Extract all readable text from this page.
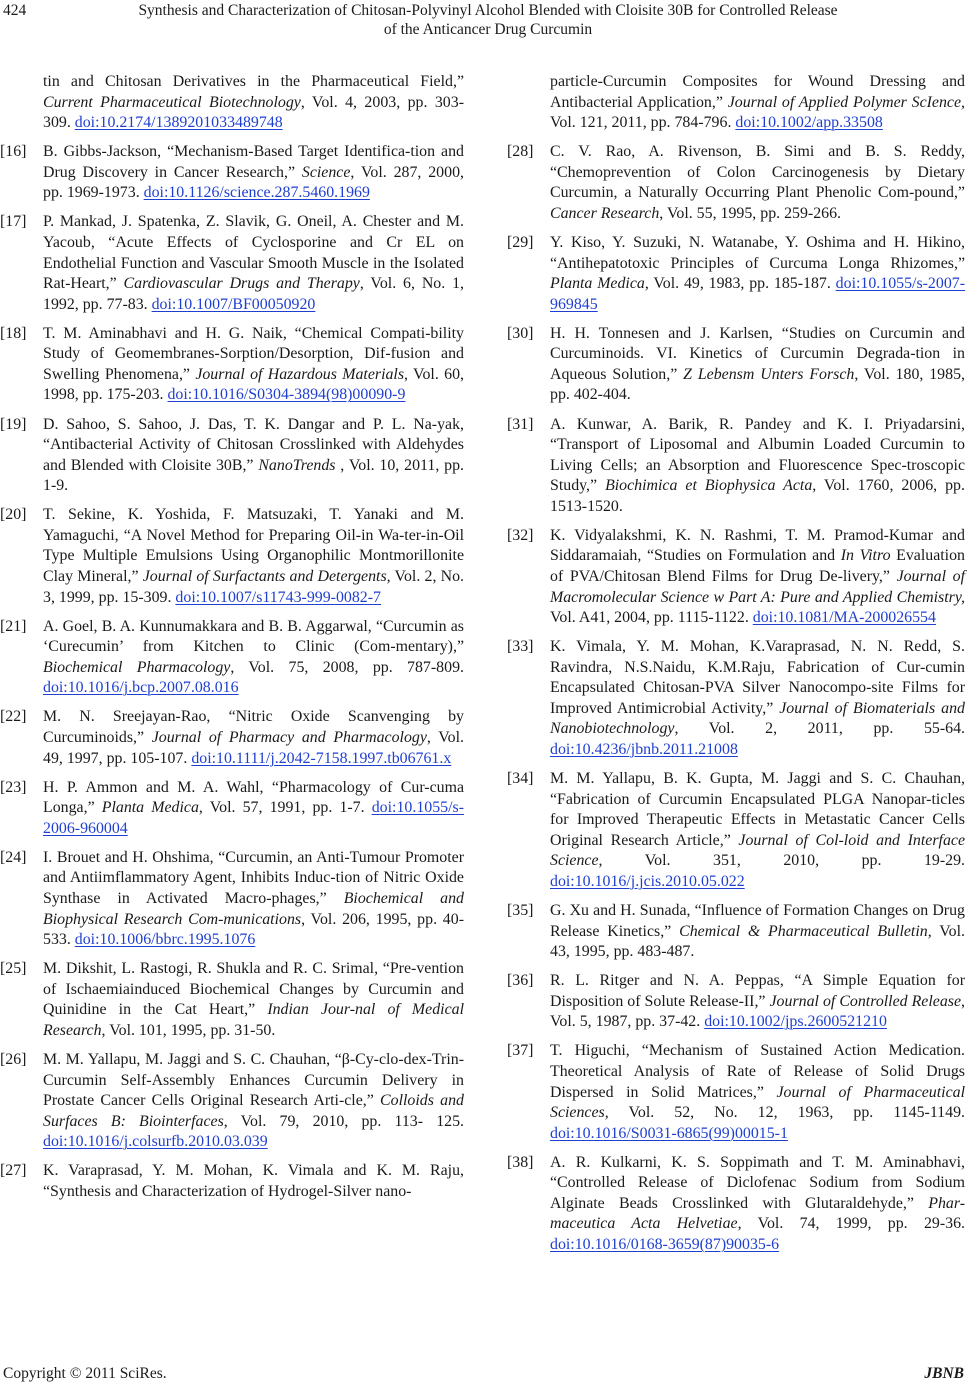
424	Synthesis and Characterization of Chitosan-Polyvinyl Alcohol Blended with Cloisite 30B for Controlled Release
of the Anticancer Drug Curcumin
tin and Chitosan Derivatives in the Pharmaceutical Field,” Current Pharmaceutical Biotechnology, Vol. 4, 2003, pp. 303-309. doi:10.2174/1389201033489748
[16]	B. Gibbs-Jackson, “Mechanism-Based Target Identifica-tion and Drug Discovery in Cancer Research,” Science, Vol. 287, 2000, pp. 1969-1973. doi:10.1126/science.287.5460.1969
[17]	P. Mankad, J. Spatenka, Z. Slavik, G. Oneil, A. Chester and M. Yacoub, “Acute Effects of Cyclosporine and Cr EL on Endothelial Function and Vascular Smooth Muscle in the Isolated Rat-Heart,” Cardiovascular Drugs and Therapy, Vol. 6, No. 1, 1992, pp. 77-83. doi:10.1007/BF00050920
[18]	T. M. Aminabhavi and H. G. Naik, “Chemical Compati-bility Study of Geomembranes-Sorption/Desorption, Dif-fusion and Swelling Phenomena,” Journal of Hazardous Materials, Vol. 60, 1998, pp. 175-203. doi:10.1016/S0304-3894(98)00090-9
[19]	D. Sahoo, S. Sahoo, J. Das, T. K. Dangar and P. L. Na-yak, “Antibacterial Activity of Chitosan Crosslinked with Aldehydes and Blended with Cloisite 30B,” NanoTrends , Vol. 10, 2011, pp. 1-9.
[20]	T. Sekine, K. Yoshida, F. Matsuzaki, T. Yanaki and M. Yamaguchi, “A Novel Method for Preparing Oil-in Wa-ter-in-Oil Type Multiple Emulsions Using Organophilic Montmorillonite Clay Mineral,” Journal of Surfactants and Detergents, Vol. 2, No. 3, 1999, pp. 15-309. doi:10.1007/s11743-999-0082-7
[21]	A. Goel, B. A. Kunnumakkara and B. B. Aggarwal, “Curcumin as ‘Curecumin’ from Kitchen to Clinic (Com-mentary),” Biochemical Pharmacology, Vol. 75, 2008, pp. 787-809. doi:10.1016/j.bcp.2007.08.016
[22]	M. N. Sreejayan-Rao, “Nitric Oxide Scanvenging by Curcuminoids,” Journal of Pharmacy and Pharmacology, Vol. 49, 1997, pp. 105-107. doi:10.1111/j.2042-7158.1997.tb06761.x
[23]	H. P. Ammon and M. A. Wahl, “Pharmacology of Cur-cuma Longa,” Planta Medica, Vol. 57, 1991, pp. 1-7. doi:10.1055/s-2006-960004
[24]	I. Brouet and H. Ohshima, “Curcumin, an Anti-Tumour Promoter and Antiimflammatory Agent, Inhibits Induc-tion of Nitric Oxide Synthase in Activated Macro-phages,” Biochemical and Biophysical Research Com-munications, Vol. 206, 1995, pp. 40-533. doi:10.1006/bbrc.1995.1076
[25]	M. Dikshit, L. Rastogi, R. Shukla and R. C. Srimal, “Pre-vention of Ischaemiainduced Biochemical Changes by Curcumin and Quinidine in the Cat Heart,” Indian Jour-nal of Medical Research, Vol. 101, 1995, pp. 31-50.
[26]	M. M. Yallapu, M. Jaggi and S. C. Chauhan, “β-Cy-clo-dex-Trin-Curcumin Self-Assembly Enhances Curcumin Delivery in Prostate Cancer Cells Original Research Arti-cle,” Colloids and Surfaces B: Biointerfaces, Vol. 79, 2010, pp. 113- 125. doi:10.1016/j.colsurfb.2010.03.039
[27]	K. Varaprasad, Y. M. Mohan, K. Vimala and K. M. Raju, “Synthesis and Characterization of Hydrogel-Silver nano-
particle-Curcumin Composites for Wound Dressing and Antibacterial Application,” Journal of Applied Polymer ScIence, Vol. 121, 2011, pp. 784-796. doi:10.1002/app.33508
[28]	C. V. Rao, A. Rivenson, B. Simi and B. S. Reddy, “Chemoprevention of Colon Carcinogenesis by Dietary Curcumin, a Naturally Occurring Plant Phenolic Com-pound,” Cancer Research, Vol. 55, 1995, pp. 259-266.
[29]	Y. Kiso, Y. Suzuki, N. Watanabe, Y. Oshima and H. Hikino, “Antihepatotoxic Principles of Curcuma Longa Rhizomes,” Planta Medica, Vol. 49, 1983, pp. 185-187. doi:10.1055/s-2007-969845
[30]	H. H. Tonnesen and J. Karlsen, “Studies on Curcumin and Curcuminoids. VI. Kinetics of Curcumin Degrada-tion in Aqueous Solution,” Z Lebensm Unters Forsch, Vol. 180, 1985, pp. 402-404.
[31]	A. Kunwar, A. Barik, R. Pandey and K. I. Priyadarsini, “Transport of Liposomal and Albumin Loaded Curcumin to Living Cells; an Absorption and Fluorescence Spec-troscopic Study,” Biochimica et Biophysica Acta, Vol. 1760, 2006, pp. 1513-1520.
[32]	K. Vidyalakshmi, K. N. Rashmi, T. M. Pramod-Kumar and Siddaramaiah, “Studies on Formulation and In Vitro Evaluation of PVA/Chitosan Blend Films for Drug De-livery,” Journal of Macromolecular Science w Part A: Pure and Applied Chemistry, Vol. A41, 2004, pp. 1115-1122. doi:10.1081/MA-200026554
[33]	K. Vimala, Y. M. Mohan, K.Varaprasad, N. N. Redd, S. Ravindra, N.S.Naidu, K.M.Raju, Fabrication of Cur-cumin Encapsulated Chitosan-PVA Silver Nanocompo-site Films for Improved Antimicrobial Activity,” Journal of Biomaterials and Nanobiotechnology, Vol. 2, 2011, pp. 55-64. doi:10.4236/jbnb.2011.21008
[34]	M. M. Yallapu, B. K. Gupta, M. Jaggi and S. C. Chauhan, “Fabrication of Curcumin Encapsulated PLGA Nanopar-ticles for Improved Therapeutic Effects in Metastatic Cancer Cells Original Research Article,” Journal of Col-loid and Interface Science, Vol. 351, 2010, pp. 19-29. doi:10.1016/j.jcis.2010.05.022
[35]	G. Xu and H. Sunada, “Influence of Formation Changes on Drug Release Kinetics,” Chemical & Pharmaceutical Bulletin, Vol. 43, 1995, pp. 483-487.
[36]	R. L. Ritger and N. A. Peppas, “A Simple Equation for Disposition of Solute Release-II,” Journal of Controlled Release, Vol. 5, 1987, pp. 37-42. doi:10.1002/jps.2600521210
[37]	T. Higuchi, “Mechanism of Sustained Action Medication. Theoretical Analysis of Rate of Release of Solid Drugs Dispersed in Solid Matrices,” Journal of Pharmaceutical Sciences, Vol. 52, No. 12, 1963, pp. 1145-1149. doi:10.1016/S0031-6865(99)00015-1
[38]	A. R. Kulkarni, K. S. Soppimath and T. M. Aminabhavi, “Controlled Release of Diclofenac Sodium from Sodium Alginate Beads Crosslinked with Glutaraldehyde,” Phar-maceutica Acta Helvetiae, Vol. 74, 1999, pp. 29-36. doi:10.1016/0168-3659(87)90035-6
Copyright © 2011 SciRes.	JBNB
